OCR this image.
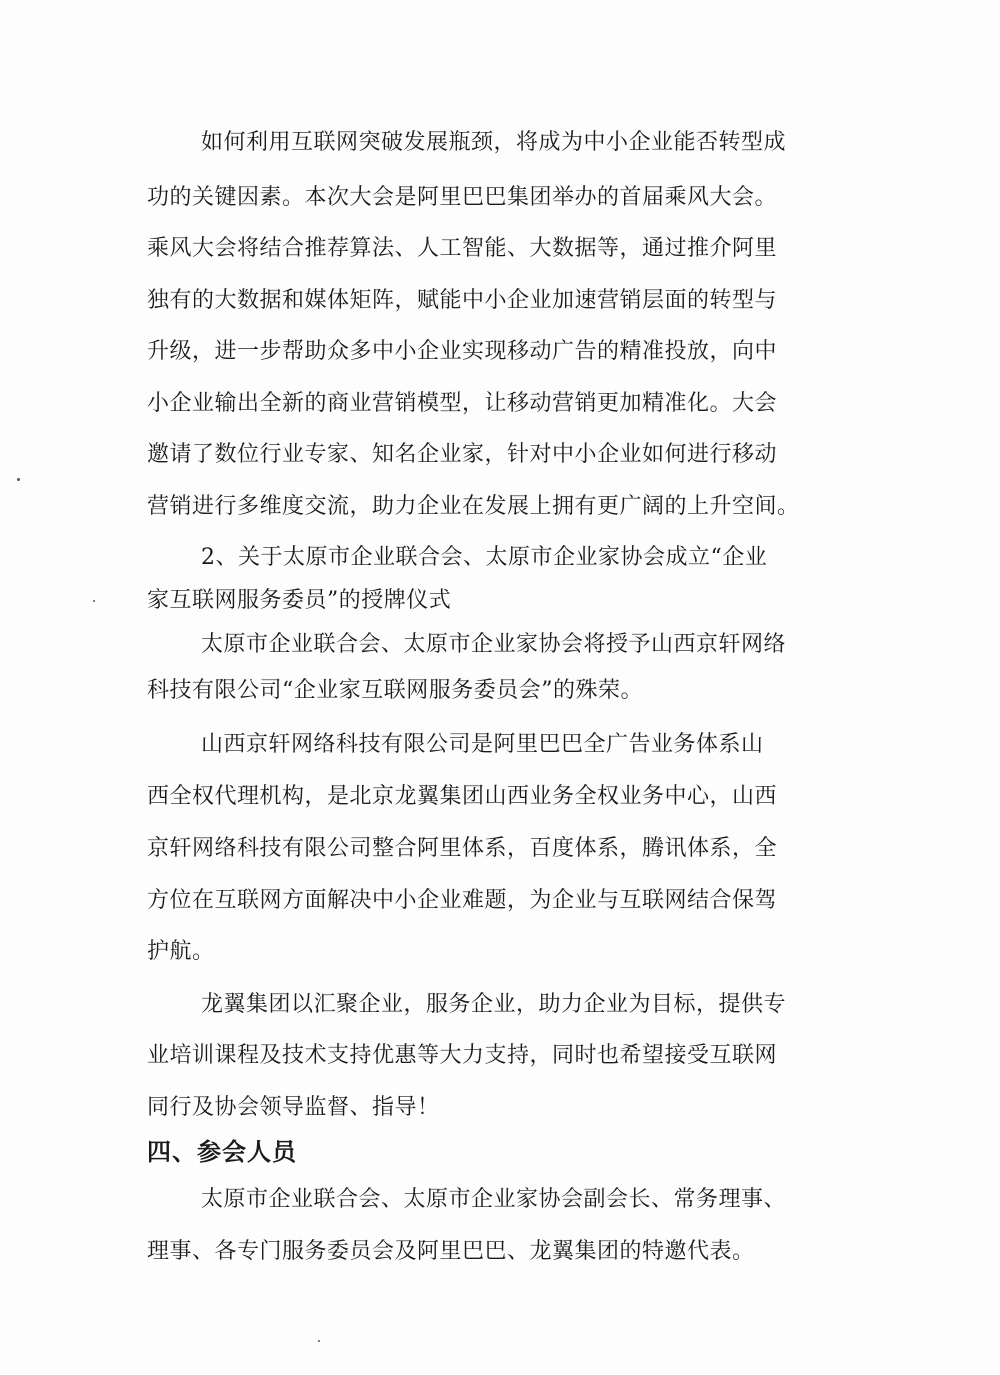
如何利用互联网突破发展瓶颈，将成为中小企业能否转型成
功的关键因素。本次大会是阿里巴巴集团举办的首届乘风大会。
乘风大会将结合推荐算法、人工智能、大数据等，通过推介阿里
独有的大数据和媒体矩阵，赋能中小企业加速营销层面的转型与
升级，进一步帮助众多中小企业实现移动广告的精准投放，向中
小企业输出全新的商业营销模型，让移动营销更加精准化。大会
邀请了数位行业专家、知名企业家，针对中小企业如何进行移动
营销进行多维度交流，助力企业在发展上拥有更广阔的上升空间。
2、关于太原市企业联合会、太原市企业家协会成立“企业
家互联网服务委员”的授牌仪式
太原市企业联合会、太原市企业家协会将授予山西京轩网络
科技有限公司“企业家互联网服务委员会”的殊荣。
山西京轩网络科技有限公司是阿里巴巴全广告业务体系山
西全权代理机构，是北京龙翼集团山西业务全权业务中心，山西
京轩网络科技有限公司整合阿里体系，百度体系，腾讯体系，全
方位在互联网方面解决中小企业难题，为企业与互联网结合保驾
护航。
龙翼集团以汇聚企业，服务企业，助力企业为目标，提供专
业培训课程及技术支持优惠等大力支持，同时也希望接受互联网
同行及协会领导监督、指导！
四、参会人员
太原市企业联合会、太原市企业家协会副会长、常务理事、
理事、各专门服务委员会及阿里巴巴、龙翼集团的特邀代表。
